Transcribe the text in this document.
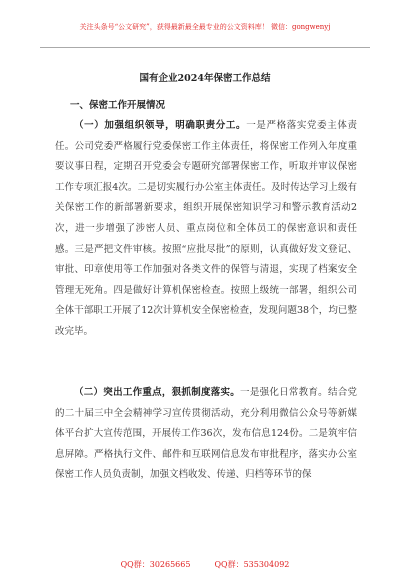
关注头条号“公文研究”，获得最新最全最专业的公文资料库！ 微信：gongwenyj
国有企业2024年保密工作总结
一、保密工作开展情况

（一）加强组织领导，明确职责分工。一是严格落实党委主体责任。公司党委严格履行党委保密工作主体责任，将保密工作列入年度重要议事日程，定期召开党委会专题研究部署保密工作，听取并审议保密工作专项汇报4次。二是切实履行办公室主体责任。及时传达学习上级有关保密工作的新部署新要求，组织开展保密知识学习和警示教育活动2次，进一步增强了涉密人员、重点岗位和全体员工的保密意识和责任感。三是严把文件审核。按照“应批尽批”的原则，认真做好发文登记、审批、印章使用等工作加强对各类文件的保管与清退，实现了档案安全管理无死角。四是做好计算机保密检查。按照上级统一部署，组织公司全体干部职工开展了12次计算机安全保密检查，发现问题38个，均已整改完毕。

（二）突出工作重点，狠抓制度落实。一是强化日常教育。结合党的二十届三中全会精神学习宣传贯彻活动，充分利用微信公众号等新媒体平台扩大宣传范围，开展传工作36次，发布信息124份。二是筑牢信息屏障。严格执行文件、邮件和互联网信息发布审批程序，落实办公室保密工作人员负责制，加强文档收发、传递、归档等环节的保

QQ群：30265665	QQ群：535304092
